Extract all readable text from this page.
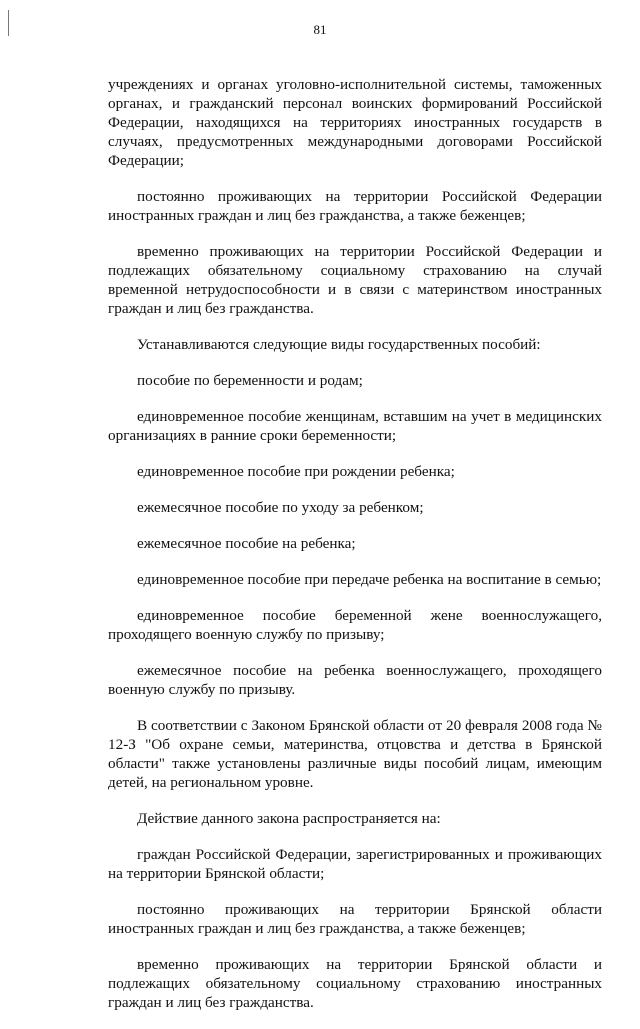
81

учреждениях и органах уголовно-исполнительной системы, таможенных органах, и гражданский персонал воинских формирований Российской Федерации, находящихся на территориях иностранных государств в случаях, предусмотренных международными договорами Российской Федерации;

постоянно проживающих на территории Российской Федерации иностранных граждан и лиц без гражданства, а также беженцев;

временно проживающих на территории Российской Федерации и подлежащих обязательному социальному страхованию на случай временной нетрудоспособности и в связи с материнством иностранных граждан и лиц без гражданства.

Устанавливаются следующие виды государственных пособий:

пособие по беременности и родам;

единовременное пособие женщинам, вставшим на учет в медицинских организациях в ранние сроки беременности;

единовременное пособие при рождении ребенка;

ежемесячное пособие по уходу за ребенком;

ежемесячное пособие на ребенка;

единовременное пособие при передаче ребенка на воспитание в семью;

единовременное пособие беременной жене военнослужащего, проходящего военную службу по призыву;

ежемесячное пособие на ребенка военнослужащего, проходящего военную службу по призыву.

В соответствии с Законом Брянской области от 20 февраля 2008 года № 12-З "Об охране семьи, материнства, отцовства и детства в Брянской области" также установлены различные виды пособий лицам, имеющим детей, на региональном уровне.

Действие данного закона распространяется на:

граждан Российской Федерации, зарегистрированных и проживающих на территории Брянской области;

постоянно проживающих на территории Брянской области иностранных граждан и лиц без гражданства, а также беженцев;

временно проживающих на территории Брянской области и подлежащих обязательному социальному страхованию иностранных граждан и лиц без гражданства.
